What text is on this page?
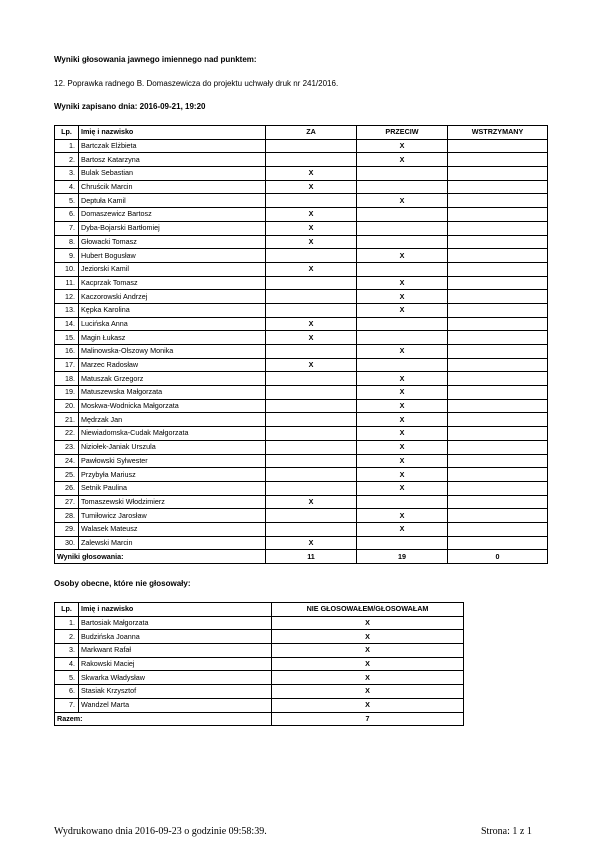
Wyniki głosowania jawnego imiennego nad punktem:
12. Poprawka radnego B. Domaszewicza do projektu uchwały druk nr 241/2016.
Wyniki zapisano dnia: 2016-09-21, 19:20
Lp.	Imię i nazwisko	ZA	PRZECIW	WSTRZYMANY
1.	Bartczak Elżbieta		X	
2.	Bartosz Katarzyna		X	
3.	Bulak Sebastian	X		
4.	Chruścik Marcin	X		
5.	Deptuła Kamil		X	
6.	Domaszewicz Bartosz	X		
7.	Dyba-Bojarski Bartłomiej	X		
8.	Głowacki Tomasz	X		
9.	Hubert Bogusław		X	
10.	Jeziorski Kamil	X		
11.	Kacprzak Tomasz		X	
12.	Kaczorowski Andrzej		X	
13.	Kępka Karolina		X	
14.	Lucińska Anna	X		
15.	Magin Łukasz	X		
16.	Malinowska-Olszowy Monika		X	
17.	Marzec Radosław	X		
18.	Matuszak Grzegorz		X	
19.	Matuszewska Małgorzata		X	
20.	Moskwa-Wodnicka Małgorzata		X	
21.	Mędrzak Jan		X	
22.	Niewiadomska-Cudak Małgorzata		X	
23.	Niziołek-Janiak Urszula		X	
24.	Pawłowski Sylwester		X	
25.	Przybyła Mariusz		X	
26.	Setnik Paulina		X	
27.	Tomaszewski Włodzimierz	X		
28.	Tumiłowicz Jarosław		X	
29.	Walasek Mateusz		X	
30.	Zalewski Marcin	X		
Wyniki głosowania:		11	19	0
Osoby obecne, które nie głosowały:
Lp.	Imię i nazwisko	NIE GŁOSOWAŁEM/GŁOSOWAŁAM
1.	Bartosiak Małgorzata	X
2.	Budzińska Joanna	X
3.	Markwant Rafał	X
4.	Rakowski Maciej	X
5.	Skwarka Władysław	X
6.	Stasiak Krzysztof	X
7.	Wandzel Marta	X
Razem:		7
Wydrukowano dnia 2016-09-23 o godzinie 09:58:39.	Strona: 1 z 1
